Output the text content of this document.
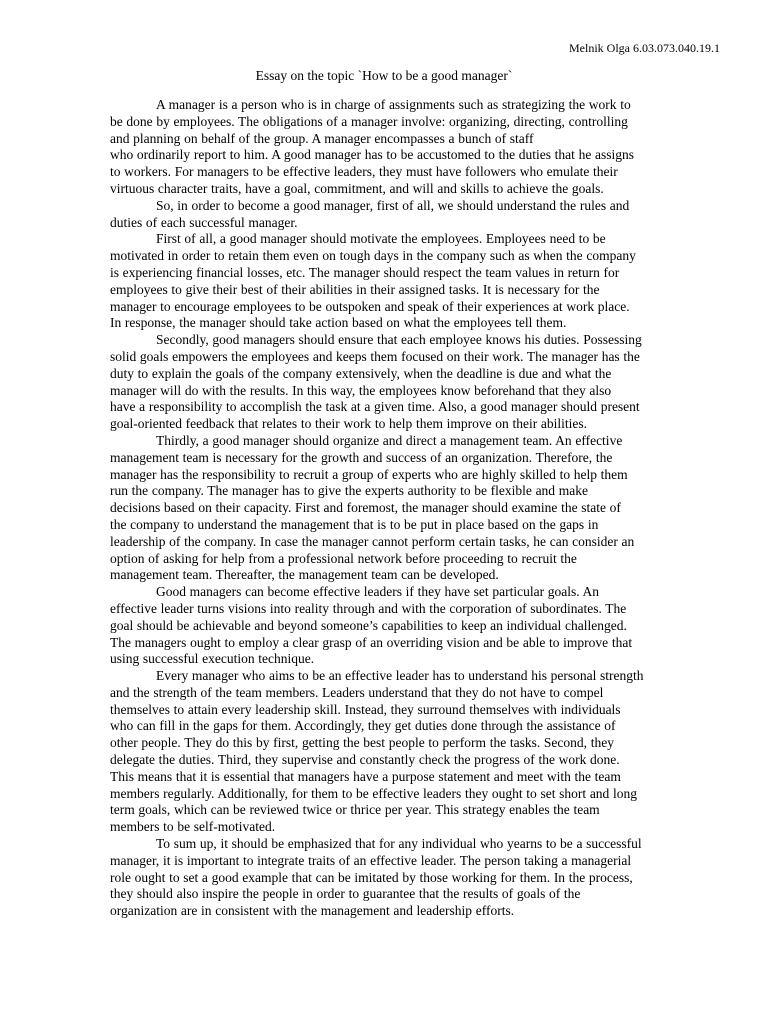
Melnik Olga 6.03.073.040.19.1
Essay on the topic `How to be a good manager`

A manager is a person who is in charge of assignments such as strategizing the work to
be done by employees. The obligations of a manager involve: organizing, directing, controlling
and planning on behalf of the group. A manager encompasses a bunch of staff
who ordinarily report to him. A good manager has to be accustomed to the duties that he assigns
to workers. For managers to be effective leaders, they must have followers who emulate their
virtuous character traits, have a goal, commitment, and will and skills to achieve the goals.

So, in order to become a good manager, first of all, we should understand the rules and
duties of each successful manager.

First of all, a good manager should motivate the employees. Employees need to be
motivated in order to retain them even on tough days in the company such as when the company
is experiencing financial losses, etc. The manager should respect the team values in return for
employees to give their best of their abilities in their assigned tasks. It is necessary for the
manager to encourage employees to be outspoken and speak of their experiences at work place.
In response, the manager should take action based on what the employees tell them.

Secondly, good managers should ensure that each employee knows his duties. Possessing
solid goals empowers the employees and keeps them focused on their work. The manager has the
duty to explain the goals of the company extensively, when the deadline is due and what the
manager will do with the results. In this way, the employees know beforehand that they also
have a responsibility to accomplish the task at a given time. Also, a good manager should present
goal-oriented feedback that relates to their work to help them improve on their abilities.

Thirdly, a good manager should organize and direct a management team. An effective
management team is necessary for the growth and success of an organization. Therefore, the
manager has the responsibility to recruit a group of experts who are highly skilled to help them
run the company. The manager has to give the experts authority to be flexible and make
decisions based on their capacity. First and foremost, the manager should examine the state of
the company to understand the management that is to be put in place based on the gaps in
leadership of the company. In case the manager cannot perform certain tasks, he can consider an
option of asking for help from a professional network before proceeding to recruit the
management team. Thereafter, the management team can be developed.

Good managers can become effective leaders if they have set particular goals. An
effective leader turns visions into reality through and with the corporation of subordinates. The
goal should be achievable and beyond someone’s capabilities to keep an individual challenged.
The managers ought to employ a clear grasp of an overriding vision and be able to improve that
using successful execution technique.

Every manager who aims to be an effective leader has to understand his personal strength
and the strength of the team members. Leaders understand that they do not have to compel
themselves to attain every leadership skill. Instead, they surround themselves with individuals
who can fill in the gaps for them. Accordingly, they get duties done through the assistance of
other people. They do this by first, getting the best people to perform the tasks. Second, they
delegate the duties. Third, they supervise and constantly check the progress of the work done.
This means that it is essential that managers have a purpose statement and meet with the team
members regularly. Additionally, for them to be effective leaders they ought to set short and long
term goals, which can be reviewed twice or thrice per year. This strategy enables the team
members to be self-motivated.

To sum up, it should be emphasized that for any individual who yearns to be a successful
manager, it is important to integrate traits of an effective leader. The person taking a managerial
role ought to set a good example that can be imitated by those working for them. In the process,
they should also inspire the people in order to guarantee that the results of goals of the
organization are in consistent with the management and leadership efforts.
